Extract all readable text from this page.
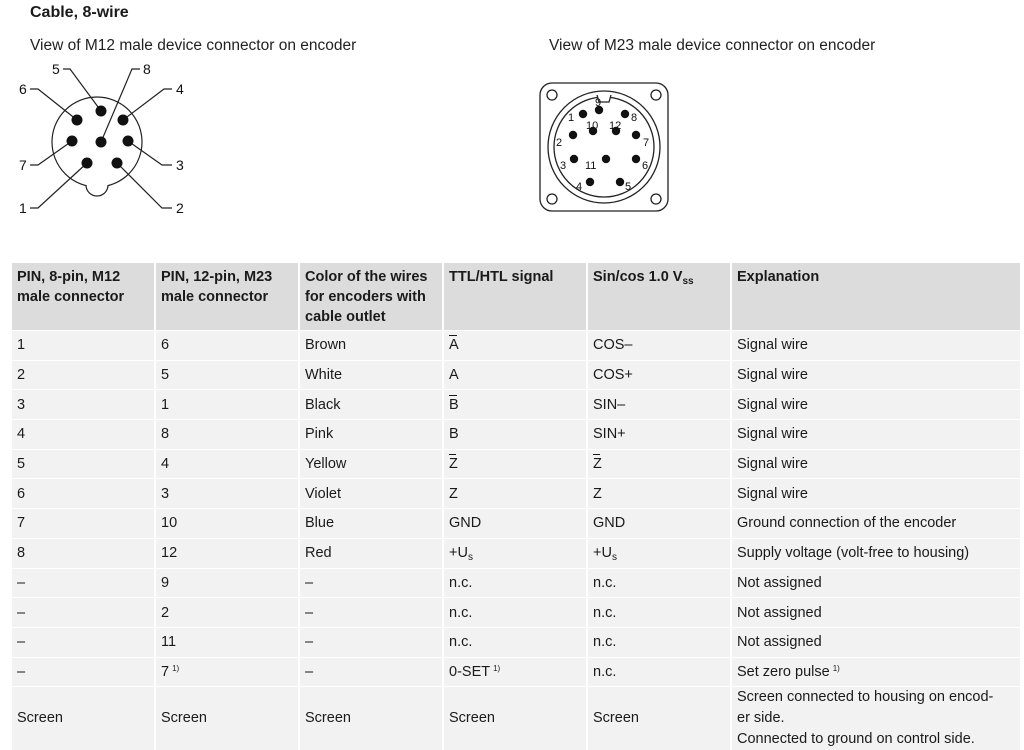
Cable, 8-wire
View of M12 male device connector on encoder	View of M23 male device connector on encoder
5	8
6	4
7	3
1	2
9
1	8
10 12
2	7
3 11	6
4	5
PIN, 8-pin, M12 male connector	PIN, 12-pin, M23 male connector	Color of the wires for encoders with cable outlet	TTL/HTL signal	Sin/cos 1.0 $V_{ss}$	Explanation
1	6	Brown	A	COS–	Signal wire
2	5	White	A	COS+	Signal wire
3	1	Black	B	SIN–	Signal wire
4	8	Pink	B	SIN+	Signal wire
5	4	Yellow	Z	Z	Signal wire
6	3	Violet	Z	Z	Signal wire
7	10	Blue	GND	GND	Ground connection of the encoder
8	12	Red	$+U_s$	$+U_s$	Supply voltage (volt-free to housing)
–	9	–	n.c.	n.c.	Not assigned
–	2	–	n.c.	n.c.	Not assigned
–	11	–	n.c.	n.c.	Not assigned
–	7 $^{1)}$	–	0-SET $^{1)}$	n.c.	Set zero pulse $^{1)}$
Screen	Screen	Screen	Screen	Screen	Screen connected to housing on encod-
er side.
Connected to ground on control side.
